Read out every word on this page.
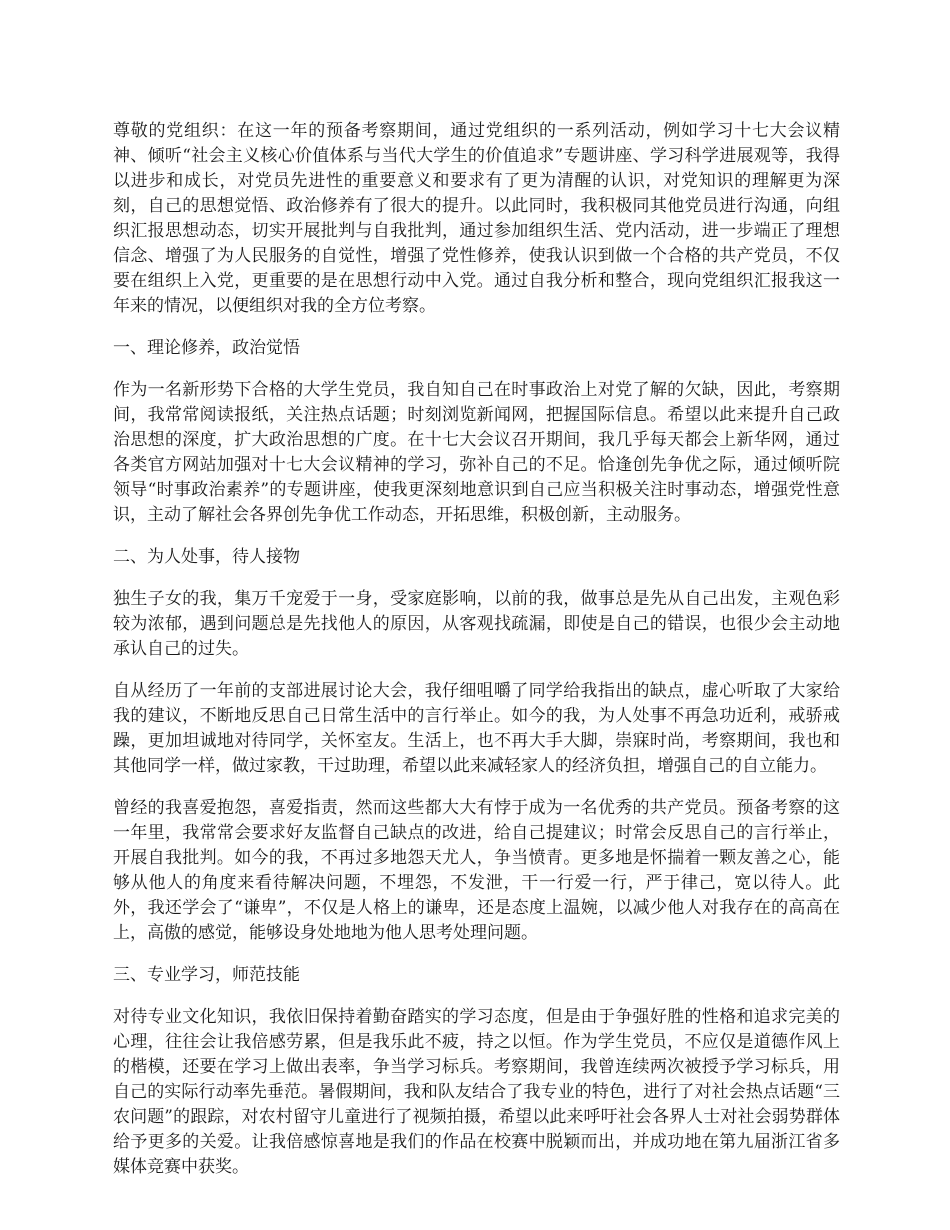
尊敬的党组织：在这一年的预备考察期间，通过党组织的一系列活动，例如学习十七大会议精神、倾听“社会主义核心价值体系与当代大学生的价值追求”专题讲座、学习科学进展观等，我得以进步和成长，对党员先进性的重要意义和要求有了更为清醒的认识，对党知识的理解更为深刻，自己的思想觉悟、政治修养有了很大的提升。以此同时，我积极同其他党员进行沟通，向组织汇报思想动态，切实开展批判与自我批判，通过参加组织生活、党内活动，进一步端正了理想信念、增强了为人民服务的自觉性，增强了党性修养，使我认识到做一个合格的共产党员，不仅要在组织上入党，更重要的是在思想行动中入党。通过自我分析和整合，现向党组织汇报我这一年来的情况，以便组织对我的全方位考察。

一、理论修养，政治觉悟

作为一名新形势下合格的大学生党员，我自知自己在时事政治上对党了解的欠缺，因此，考察期间，我常常阅读报纸，关注热点话题；时刻浏览新闻网，把握国际信息。希望以此来提升自己政治思想的深度，扩大政治思想的广度。在十七大会议召开期间，我几乎每天都会上新华网，通过各类官方网站加强对十七大会议精神的学习，弥补自己的不足。恰逢创先争优之际，通过倾听院领导“时事政治素养”的专题讲座，使我更深刻地意识到自己应当积极关注时事动态，增强党性意识，主动了解社会各界创先争优工作动态，开拓思维，积极创新，主动服务。

二、为人处事，待人接物

独生子女的我，集万千宠爱于一身，受家庭影响，以前的我，做事总是先从自己出发，主观色彩较为浓郁，遇到问题总是先找他人的原因，从客观找疏漏，即使是自己的错误，也很少会主动地承认自己的过失。

自从经历了一年前的支部进展讨论大会，我仔细咀嚼了同学给我指出的缺点，虚心听取了大家给我的建议，不断地反思自己日常生活中的言行举止。如今的我，为人处事不再急功近利，戒骄戒躁，更加坦诚地对待同学，关怀室友。生活上，也不再大手大脚，崇寐时尚，考察期间，我也和其他同学一样，做过家教，干过助理，希望以此来减轻家人的经济负担，增强自己的自立能力。

曾经的我喜爱抱怨，喜爱指责，然而这些都大大有悖于成为一名优秀的共产党员。预备考察的这一年里，我常常会要求好友监督自己缺点的改进，给自己提建议；时常会反思自己的言行举止，开展自我批判。如今的我，不再过多地怨天尤人，争当愤青。更多地是怀揣着一颗友善之心，能够从他人的角度来看待解决问题，不埋怨，不发泄，干一行爱一行，严于律己，宽以待人。此外，我还学会了“谦卑”，不仅是人格上的谦卑，还是态度上温婉，以减少他人对我存在的高高在上，高傲的感觉，能够设身处地地为他人思考处理问题。

三、专业学习，师范技能

对待专业文化知识，我依旧保持着勤奋踏实的学习态度，但是由于争强好胜的性格和追求完美的心理，往往会让我倍感劳累，但是我乐此不疲，持之以恒。作为学生党员，不应仅是道德作风上的楷模，还要在学习上做出表率，争当学习标兵。考察期间，我曾连续两次被授予学习标兵，用自己的实际行动率先垂范。暑假期间，我和队友结合了我专业的特色，进行了对社会热点话题“三农问题”的跟踪，对农村留守儿童进行了视频拍摄，希望以此来呼吁社会各界人士对社会弱势群体给予更多的关爱。让我倍感惊喜地是我们的作品在校赛中脱颖而出，并成功地在第九届浙江省多媒体竞赛中获奖。
